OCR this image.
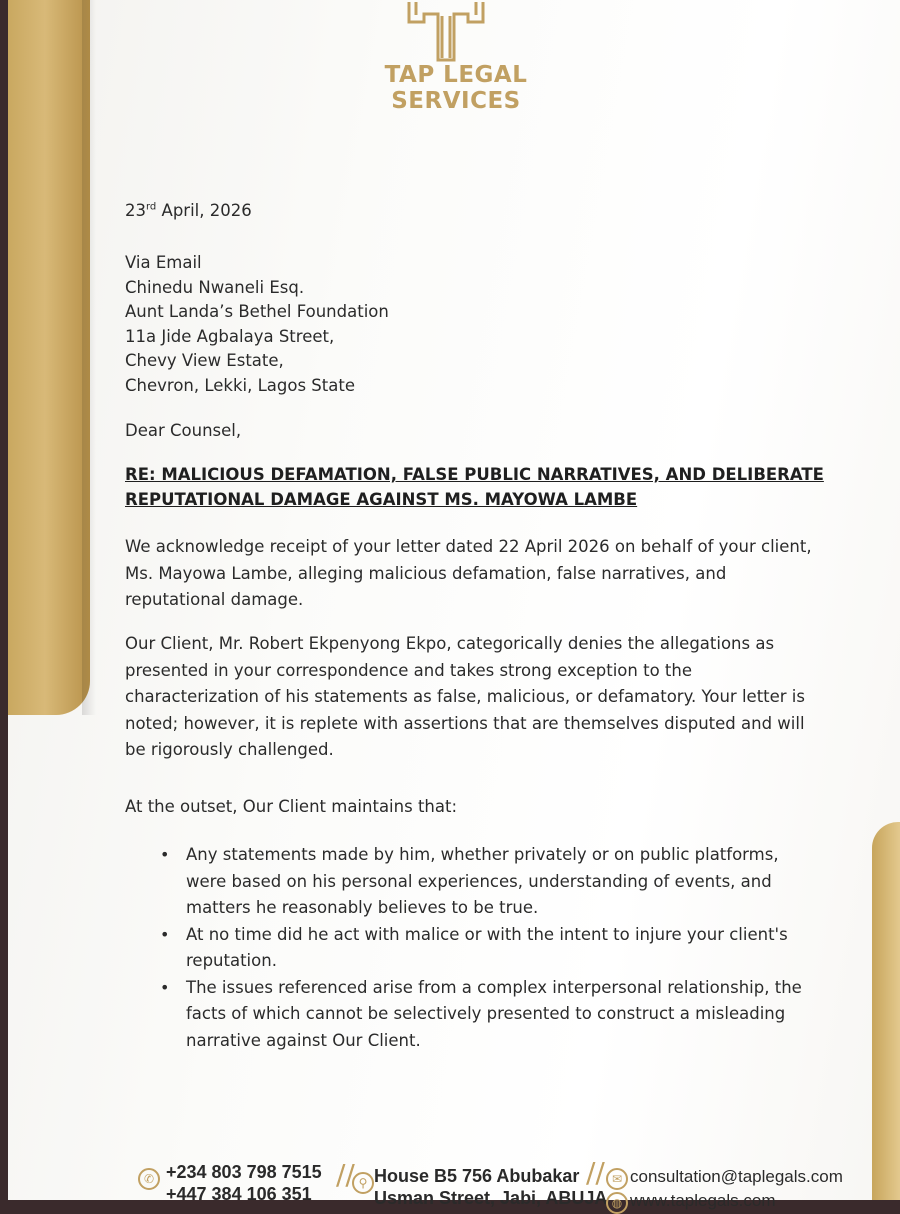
TAP LEGAL SERVICES
23rd April, 2026
Via Email
Chinedu Nwaneli Esq.
Aunt Landa’s Bethel Foundation
11a Jide Agbalaya Street,
Chevy View Estate,
Chevron, Lekki, Lagos State
Dear Counsel,
RE: MALICIOUS DEFAMATION, FALSE PUBLIC NARRATIVES, AND DELIBERATE
REPUTATIONAL DAMAGE AGAINST MS. MAYOWA LAMBE
We acknowledge receipt of your letter dated 22 April 2026 on behalf of your client, Ms. Mayowa Lambe, alleging malicious defamation, false narratives, and reputational damage.
Our Client, Mr. Robert Ekpenyong Ekpo, categorically denies the allegations as presented in your correspondence and takes strong exception to the characterization of his statements as false, malicious, or defamatory. Your letter is noted; however, it is replete with assertions that are themselves disputed and will be rigorously challenged.
At the outset, Our Client maintains that:
• Any statements made by him, whether privately or on public platforms, were based on his personal experiences, understanding of events, and matters he reasonably believes to be true.
• At no time did he act with malice or with the intent to injure your client's reputation.
• The issues referenced arise from a complex interpersonal relationship, the facts of which cannot be selectively presented to construct a misleading narrative against Our Client.
✆ +234 803 798 7515
+447 384 106 351
// ⚲ House B5 756 Abubakar
Usman Street, Jabi, ABUJA
// ✉ consultation@taplegals.com
◍ www.taplegals.com
